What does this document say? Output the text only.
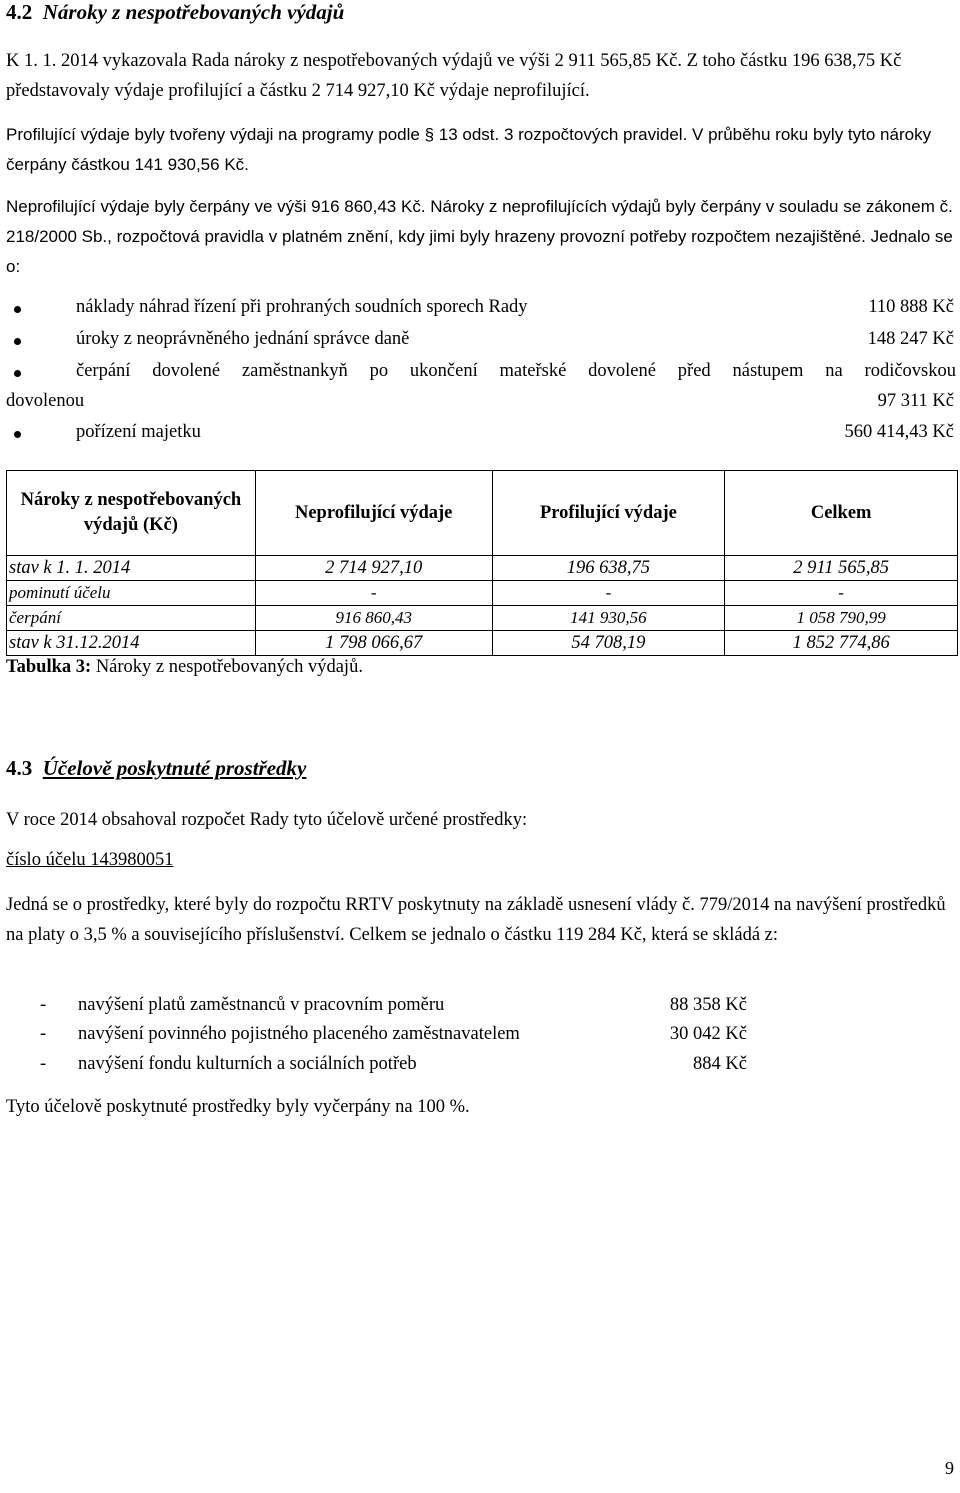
4.2 Nároky z nespotřebovaných výdajů
K 1. 1. 2014 vykazovala Rada nároky z nespotřebovaných výdajů ve výši 2 911 565,85 Kč. Z toho částku 196 638,75 Kč představovaly výdaje profilující a částku 2 714 927,10 Kč výdaje neprofilující.
Profilující výdaje byly tvořeny výdaji na programy podle § 13 odst. 3 rozpočtových pravidel. V průběhu roku byly tyto nároky čerpány částkou 141 930,56 Kč.
Neprofilující výdaje byly čerpány ve výši 916 860,43 Kč. Nároky z neprofilujících výdajů byly čerpány v souladu se zákonem č. 218/2000 Sb., rozpočtová pravidla v platném znění, kdy jimi byly hrazeny provozní potřeby rozpočtem nezajištěné. Jednalo se o:
náklady náhrad řízení při prohraných soudních sporech Rady	110 888 Kč
úroky z neoprávněného jednání správce daně	148 247 Kč
čerpání dovolené zaměstnankyň po ukončení mateřské dovolené před nástupem na rodičovskou
dovolenou	97 311 Kč
pořízení majetku	560 414,43 Kč
Nároky z nespotřebovaných výdajů (Kč)	Neprofilující výdaje	Profilující výdaje	Celkem
stav k 1. 1. 2014	2 714 927,10	196 638,75	2 911 565,85
pominutí účelu	-	-	-
čerpání	916 860,43	141 930,56	1 058 790,99
stav k 31.12.2014	1 798 066,67	54 708,19	1 852 774,86
Tabulka 3: Nároky z nespotřebovaných výdajů.
4.3 Účelově poskytnuté prostředky
V roce 2014 obsahoval rozpočet Rady tyto účelově určené prostředky:
číslo účelu 143980051
Jedná se o prostředky, které byly do rozpočtu RRTV poskytnuty na základě usnesení vlády č. 779/2014 na navýšení prostředků na platy o 3,5 % a souvisejícího příslušenství. Celkem se jednalo o částku 119 284 Kč, která se skládá z:
- navýšení platů zaměstnanců v pracovním poměru	88 358 Kč
- navýšení povinného pojistného placeného zaměstnavatelem	30 042 Kč
- navýšení fondu kulturních a sociálních potřeb	884 Kč
Tyto účelově poskytnuté prostředky byly vyčerpány na 100 %.
9
